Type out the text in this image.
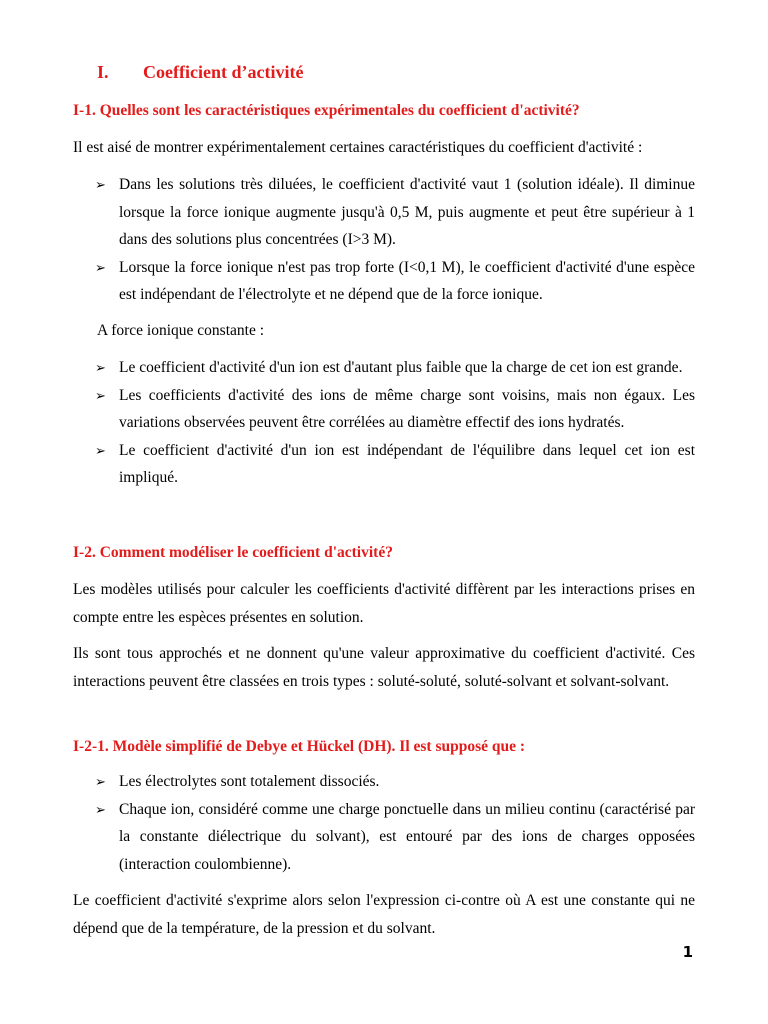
I. Coefficient d’activité
I-1. Quelles sont les caractéristiques expérimentales du coefficient d'activité?

Il est aisé de montrer expérimentalement certaines caractéristiques du coefficient d'activité :

➢ Dans les solutions très diluées, le coefficient d'activité vaut 1 (solution idéale). Il diminue lorsque la force ionique augmente jusqu'à 0,5 M, puis augmente et peut être supérieur à 1 dans des solutions plus concentrées (I>3 M).
➢ Lorsque la force ionique n'est pas trop forte (I<0,1 M), le coefficient d'activité d'une espèce est indépendant de l'électrolyte et ne dépend que de la force ionique.

A force ionique constante :

➢ Le coefficient d'activité d'un ion est d'autant plus faible que la charge de cet ion est grande.
➢ Les coefficients d'activité des ions de même charge sont voisins, mais non égaux. Les variations observées peuvent être corrélées au diamètre effectif des ions hydratés.
➢ Le coefficient d'activité d'un ion est indépendant de l'équilibre dans lequel cet ion est impliqué.
I-2. Comment modéliser le coefficient d'activité?

Les modèles utilisés pour calculer les coefficients d'activité diffèrent par les interactions prises en compte entre les espèces présentes en solution.

Ils sont tous approchés et ne donnent qu'une valeur approximative du coefficient d'activité. Ces interactions peuvent être classées en trois types : soluté-soluté, soluté-solvant et solvant-solvant.

I-2-1. Modèle simplifié de Debye et Hückel (DH). Il est supposé que :
➢ Les électrolytes sont totalement dissociés.
➢ Chaque ion, considéré comme une charge ponctuelle dans un milieu continu (caractérisé par la constante diélectrique du solvant), est entouré par des ions de charges opposées (interaction coulombienne).

Le coefficient d'activité s'exprime alors selon l'expression ci-contre où A est une constante qui ne dépend que de la température, de la pression et du solvant.

1
